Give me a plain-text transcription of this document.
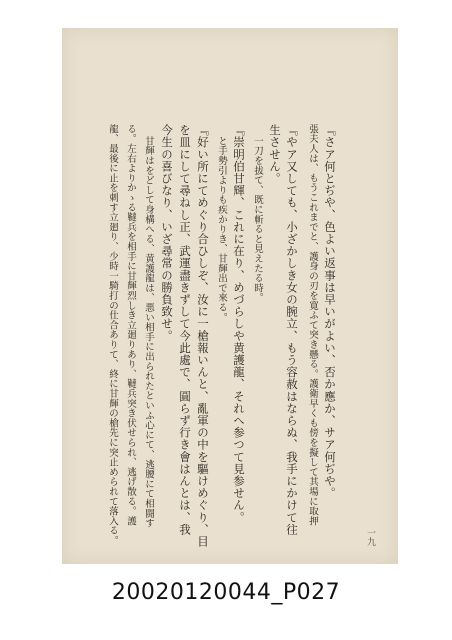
『さア何とぢや、色よい返事は早いがよい、否か應か、サア何ぢや。
張夫人は、もうこれまでと、護身の刃を寛ふて突き懸る。護衛早くも傍を擬して其場に取押
『やア又しても、小ざかしき女の腕立、もう容赦はならぬ、我手にかけて往
生させん。
一刀を拔て、既に斬ると見えたる時。
『崇明伯甘輝、これに在り、めづらしや黄護龍、それへ参つて見参せん。
と手勢引よりも疾かりき、甘輝出で來る。
『好い所にてめぐり合ひしぞ、汝に一槍報いんと、亂軍の中を驅けめぐり、目
を皿にして尋ねし正、武運盡きずして今此處で、圓らず行き會はんとは、我
今生の喜びなり、いざ尋常の勝負致せ。
甘輝はをどして身構へる、黄護龍は、悪い相手に出られたといふ心にて、逃腰にて相闘す
る。左右よりかゝる韃兵を相手に甘輝烈しき立廻りあり、韃兵突き伏せられ、逃げ散る。護
龍、最後に止を刺す立廻り、少時一騎打の仕合ありて、終に甘輝の槍先に突止められて落入る。	一九
20020120044_P027
